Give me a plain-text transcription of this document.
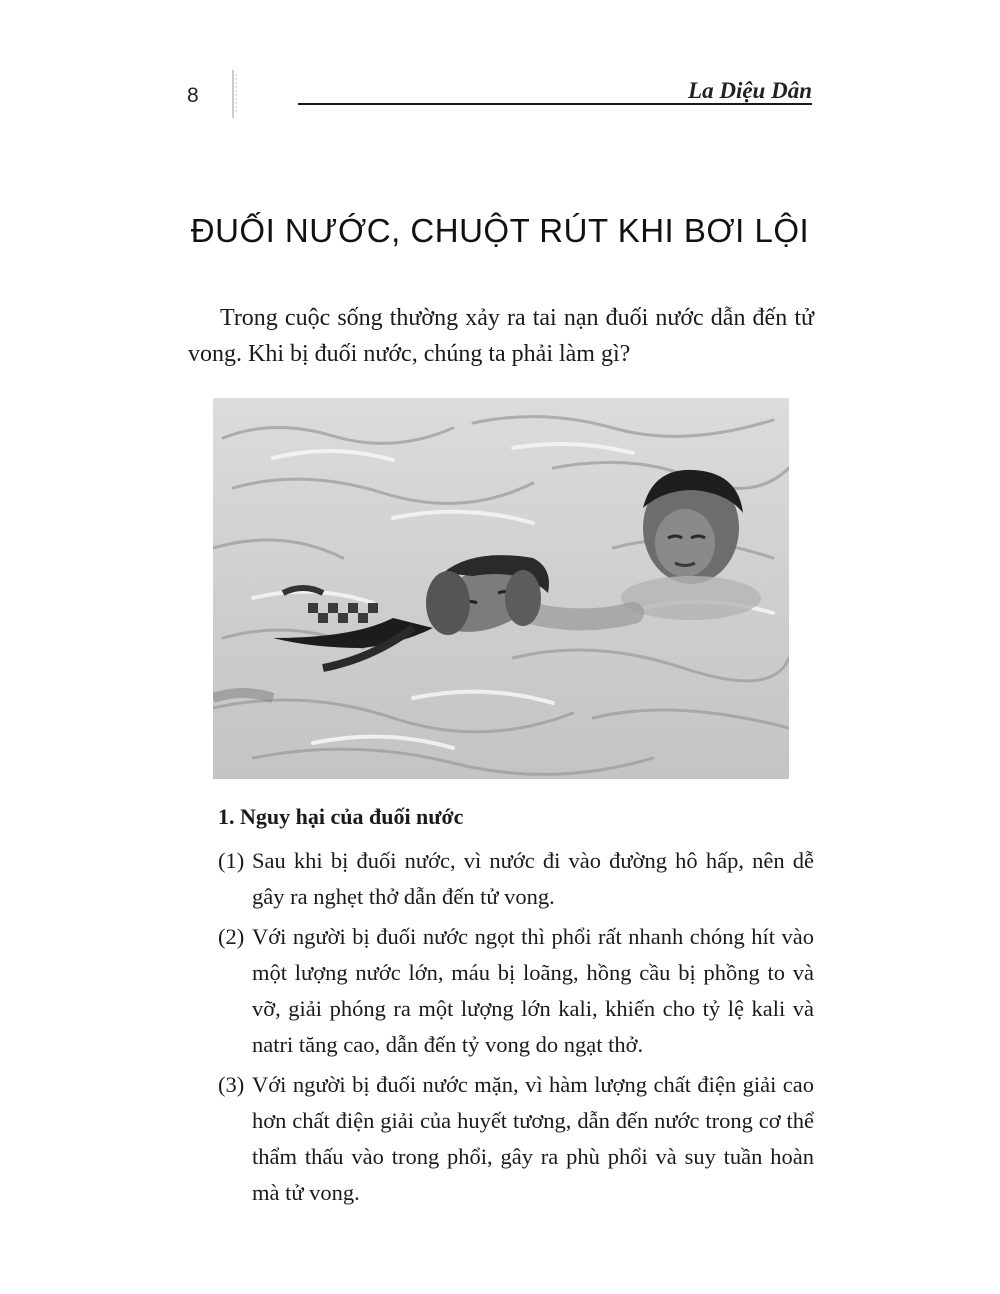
8	La Diệu Dân
ĐUỐI NƯỚC, CHUỘT RÚT KHI BƠI LỘI

Trong cuộc sống thường xảy ra tai nạn đuối nước dẫn đến tử vong. Khi bị đuối nước, chúng ta phải làm gì?

1. Nguy hại của đuối nước
(1) Sau khi bị đuối nước, vì nước đi vào đường hô hấp, nên dễ gây ra nghẹt thở dẫn đến tử vong.
(2) Với người bị đuối nước ngọt thì phổi rất nhanh chóng hít vào một lượng nước lớn, máu bị loãng, hồng cầu bị phồng to và vỡ, giải phóng ra một lượng lớn kali, khiến cho tỷ lệ kali và natri tăng cao, dẫn đến tỷ vong do ngạt thở.
(3) Với người bị đuối nước mặn, vì hàm lượng chất điện giải cao hơn chất điện giải của huyết tương, dẫn đến nước trong cơ thể thẩm thấu vào trong phổi, gây ra phù phổi và suy tuần hoàn mà tử vong.
